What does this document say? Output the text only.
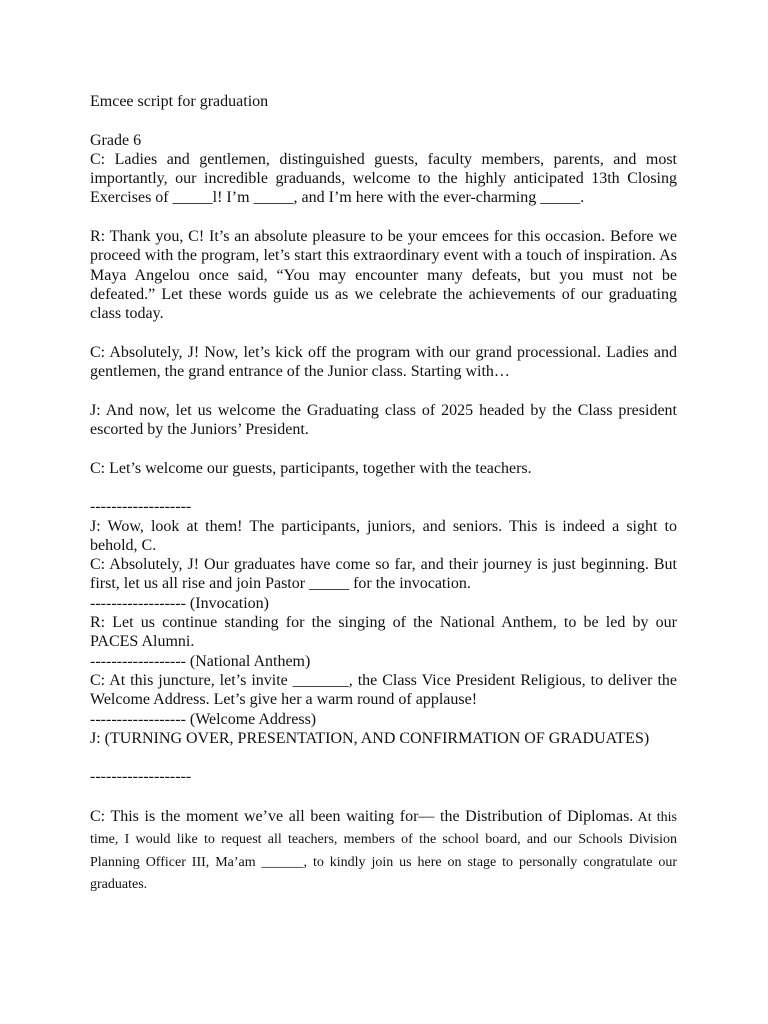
Emcee script for graduation

Grade 6

C: Ladies and gentlemen, distinguished guests, faculty members, parents, and most importantly, our incredible graduands, welcome to the highly anticipated 13th Closing Exercises of _____l! I’m _____, and I’m here with the ever-charming _____.

R: Thank you, C! It’s an absolute pleasure to be your emcees for this occasion. Before we proceed with the program, let’s start this extraordinary event with a touch of inspiration. As Maya Angelou once said, “You may encounter many defeats, but you must not be defeated.” Let these words guide us as we celebrate the achievements of our graduating class today.

C: Absolutely, J! Now, let’s kick off the program with our grand processional. Ladies and gentlemen, the grand entrance of the Junior class. Starting with…

J: And now, let us welcome the Graduating class of 2025 headed by the Class president escorted by the Juniors’ President.

C: Let’s welcome our guests, participants, together with the teachers.

-------------------

J: Wow, look at them! The participants, juniors, and seniors. This is indeed a sight to behold, C.

C: Absolutely, J! Our graduates have come so far, and their journey is just beginning. But first, let us all rise and join Pastor _____ for the invocation.

------------------ (Invocation)

R: Let us continue standing for the singing of the National Anthem, to be led by our PACES Alumni.

------------------ (National Anthem)

C: At this juncture, let’s invite _______, the Class Vice President Religious, to deliver the Welcome Address. Let’s give her a warm round of applause!

------------------ (Welcome Address)

J: (TURNING OVER, PRESENTATION, AND CONFIRMATION OF GRADUATES)

-------------------

C: This is the moment we’ve all been waiting for— the Distribution of Diplomas. At this time, I would like to request all teachers, members of the school board, and our Schools Division Planning Officer III, Ma’am ______, to kindly join us here on stage to personally congratulate our graduates.
